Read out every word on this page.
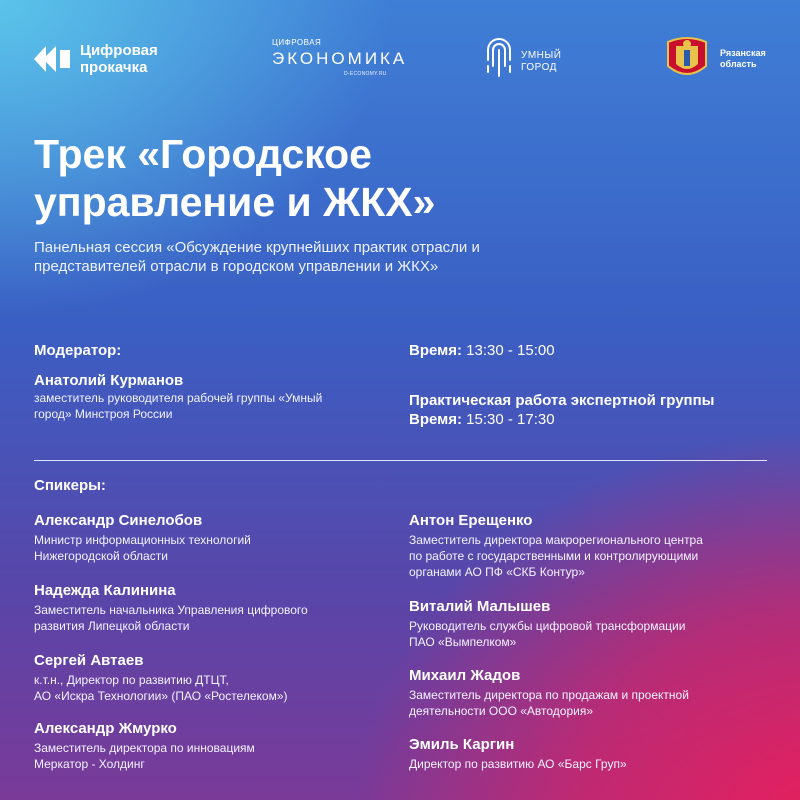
Цифровая
прокачка
ЦИФРОВАЯ
ЭКОНОМИКА
D-ECONOMY.RU
УМНЫЙ
ГОРОД
Рязанская
область
Трек «Городское управление и ЖКХ»
Панельная сессия «Обсуждение крупнейших практик отрасли и представителей отрасли в городском управлении и ЖКХ»
Модератор:
Анатолий Курманов
заместитель руководителя рабочей группы «Умный город» Минстроя России
Время: 13:30 - 15:00
Практическая работа экспертной группы
Время: 15:30 - 17:30
Спикеры:
Александр Синелобов
Министр информационных технологий
Нижегородской области
Надежда Калинина
Заместитель начальника Управления цифрового
развития Липецкой области
Сергей Автаев
к.т.н., Директор по развитию ДТЦТ,
АО «Искра Технологии» (ПАО «Ростелеком»)
Александр Жмурко
Заместитель директора по инновациям
Меркатор - Холдинг
Антон Ерещенко
Заместитель директора макрорегионального центра
по работе с государственными и контролирующими
органами АО ПФ «СКБ Контур»
Виталий Малышев
Руководитель службы цифровой трансформации
ПАО «Вымпелком»
Михаил Жадов
Заместитель директора по продажам и проектной
деятельности ООО «Автодория»
Эмиль Каргин
Директор по развитию АО «Барс Груп»
